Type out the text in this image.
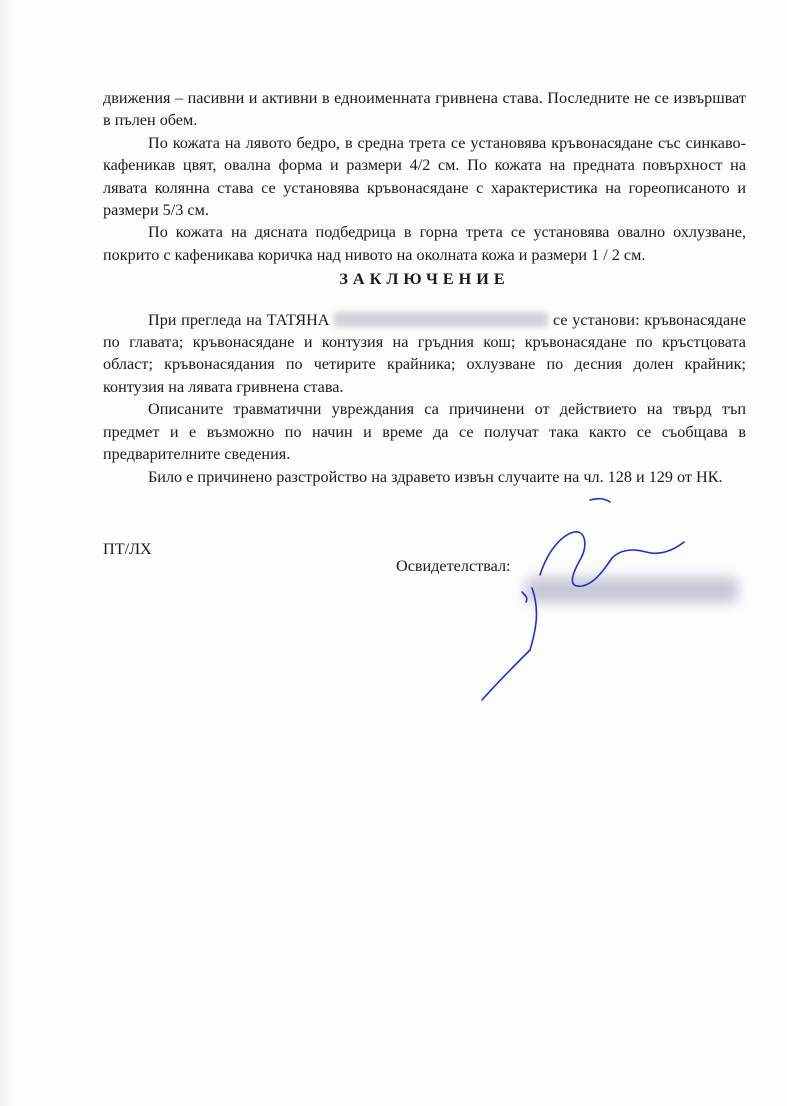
движения – пасивни и активни в едноименната гривнена става. Последните не се извършват в пълен обем.

По кожата на лявото бедро, в средна трета се установява кръвонасядане със синкаво-кафеникав цвят, овална форма и размери 4/2 см. По кожата на предната повърхност на лявата колянна става се установява кръвонасядане с характеристика на гореописаното и размери 5/3 см.

По кожата на дясната подбедрица в горна трета се установява овално охлузване, покрито с кафеникава коричка над нивото на околната кожа и размери 1 / 2 см.

ЗАКЛЮЧЕНИЕ

При прегледа на ТАТЯНА	се установи: кръвонасядане по главата; кръвонасядане и контузия на гръдния кош; кръвонасядане по кръстцовата област; кръвонасядания по четирите крайника; охлузване по десния долен крайник; контузия на лявата гривнена става.

Описаните травматични увреждания са причинени от действието на твърд тъп предмет и е възможно по начин и време да се получат така както се съобщава в предварителните сведения.

Било е причинено разстройство на здравето извън случаите на чл. 128 и 129 от НК.

ПТ/ЛХ
Освидетелствал:
